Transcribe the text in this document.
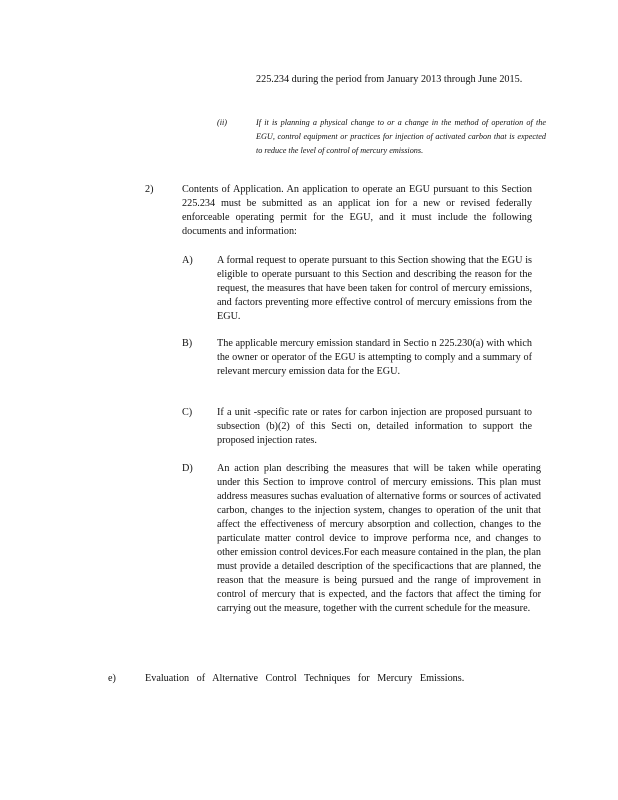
225.234 during the period from January 2013 through June 2015.
(ii)	If it is planning a physical change to or a change in the method of operation of the EGU, control equipment or practices for injection of activated carbon that is expected to reduce the level of control of mercury emissions.
2)	Contents of Application. An application to operate an EGU pursuant to this Section 225.234 must be submitted as an applicat ion for a new or revised federally enforceable operating permit for the EGU, and it must include the following documents and information:
A) A formal request to operate pursuant to this Section showing that the EGU is eligible to operate pursuant to this Section and describing the reason for the request, the measures that have been taken for control of mercury emissions, and factors preventing more effective control of mercury emissions from the EGU.
B) The applicable mercury emission standard in Sectio n 225.230(a) with which the owner or operator of the EGU is attempting to comply and a summary of relevant mercury emission data for the EGU.
C) If a unit -specific rate or rates for carbon injection are proposed pursuant to subsection (b)(2) of this Secti on, detailed information to support the proposed injection rates.
D) An action plan describing the measures that will be taken while operating under this Section to improve control of mercury emissions. This plan must address measures suchas evaluation of alternative forms or sources of activated carbon, changes to the injection system, changes to operation of the unit that affect the effectiveness of mercury absorption and collection, changes to the particulate matter control device to improve performa nce, and changes to other emission control devices.For each measure contained in the plan, the plan must provide a detailed description of the specificactions that are planned, the reason that the measure is being pursued and the range of improvement in control of mercury that is expected, and the factors that affect the timing for carrying out the measure, together with the current schedule for the measure.
e)	Evaluation of Alternative Control Techniques for Mercury Emissions.
